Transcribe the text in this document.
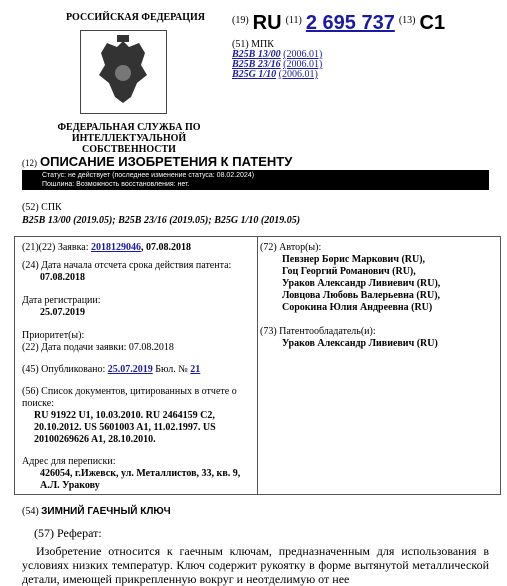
РОССИЙСКАЯ ФЕДЕРАЦИЯ
ФЕДЕРАЛЬНАЯ СЛУЖБА ПО ИНТЕЛЛЕКТУАЛЬНОЙ СОБСТВЕННОСТИ
$^{(19)}$ RU $^{(11)}$ 2 695 737 $^{(13)}$ C1
(51) МПК
B25B 13/00 (2006.01)
B25B 23/16 (2006.01)
B25G 1/10 (2006.01)
(12) ОПИСАНИЕ ИЗОБРЕТЕНИЯ К ПАТЕНТУ
Статус: не действует (последнее изменение статуса: 08.02.2024)
Пошлина: Возможность восстановления: нет.
(52) СПК
B25B 13/00 (2019.05); B25B 23/16 (2019.05); B25G 1/10 (2019.05)

(21)(22) Заявка: 2018129046, 07.08.2018

(24) Дата начала отсчета срока действия патента:
07.08.2018

Дата регистрации:
25.07.2019

Приоритет(ы):
(22) Дата подачи заявки: 07.08.2018

(45) Опубликовано: 25.07.2019 Бюл. № 21

(56) Список документов, цитированных в отчете о поиске:

RU 91922 U1, 10.03.2010. RU 2464159 C2, 20.10.2012. US 5601003 A1, 11.02.1997. US 20100269626 A1, 28.10.2010.

Адрес для переписки:

426054, г.Ижевск, ул. Металлистов, 33, кв. 9, А.Л. Уракову

(72) Автор(ы):

Певзнер Борис Маркович (RU),
Гоц Георгий Романович (RU),
Ураков Александр Ливиевич (RU),
Ловцова Любовь Валерьевна (RU),
Сорокина Юлия Андреевна (RU)

(73) Патентообладатель(и):

Ураков Александр Ливиевич (RU)
(54) ЗИМНИЙ ГАЕЧНЫЙ КЛЮЧ
(57) Реферат:
Изобретение относится к гаечным ключам, предназначенным для использования в условиях низких температур. Ключ содержит рукоятку в форме вытянутой металлической детали, имеющей прикрепленную вокруг и неотделимую от нее
